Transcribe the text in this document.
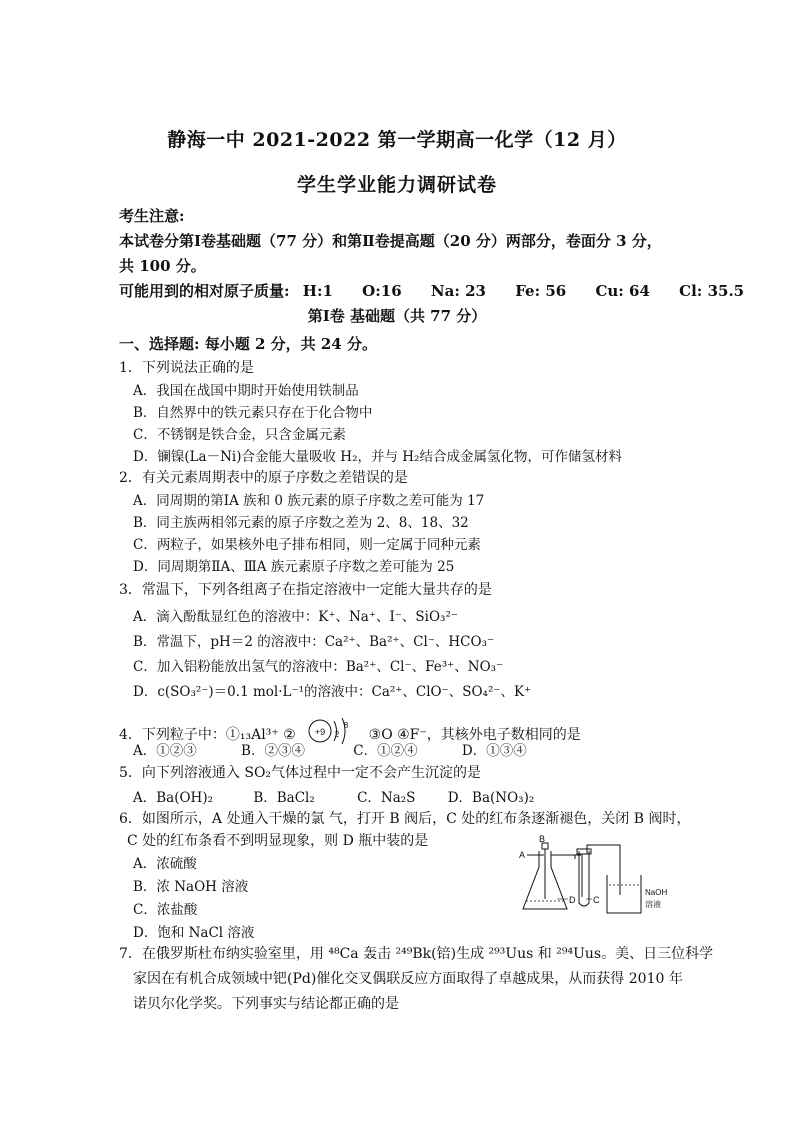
静海一中 2021-2022 第一学期高一化学（12 月）
学生学业能力调研试卷
考生注意:
本试卷分第Ⅰ卷基础题（77 分）和第Ⅱ卷提高题（20 分）两部分，卷面分 3 分，
共 100 分。
可能用到的相对原子质量: H:1 O:16 Na: 23 Fe: 56 Cu: 64 Cl: 35.5
第Ⅰ卷 基础题（共 77 分）
一、选择题: 每小题 2 分，共 24 分。
1．下列说法正确的是
A．我国在战国中期时开始使用铁制品
B．自然界中的铁元素只存在于化合物中
C．不锈钢是铁合金，只含金属元素
D．镧镍(La－Ni)合金能大量吸收 H₂，并与 H₂结合成金属氢化物，可作储氢材料
2．有关元素周期表中的原子序数之差错误的是
A．同周期的第ⅠA 族和 0 族元素的原子序数之差可能为 17
B．同主族两相邻元素的原子序数之差为 2、8、18、32
C．两粒子，如果核外电子排布相同，则一定属于同种元素
D．同周期第ⅡA、ⅢA 族元素原子序数之差可能为 25
3．常温下，下列各组离子在指定溶液中一定能大量共存的是
A．滴入酚酞显红色的溶液中：K⁺、Na⁺、I⁻、SiO₃²⁻
B．常温下，pH＝2 的溶液中：Ca²⁺、Ba²⁺、Cl⁻、HCO₃⁻
C．加入铝粉能放出氢气的溶液中：Ba²⁺、Cl⁻、Fe³⁺、NO₃⁻
D．c(SO₃²⁻)＝0.1 mol·L⁻¹的溶液中：Ca²⁺、ClO⁻、SO₄²⁻、K⁺
4．下列粒子中：①₁₃Al³⁺ ② +9 2
8
③O ④F⁻，其核外电子数相同的是
A．①②③	B．②③④	C．①②④	D．①③④
5．向下列溶液通入 SO₂气体过程中一定不会产生沉淀的是
A．Ba(OH)₂	B．BaCl₂	C．Na₂S D．Ba(NO₃)₂
6．如图所示，A 处通入干燥的氯 气，打开 B 阀后，C 处的红布条逐渐褪色，关闭 B 阀时，
C 处的红布条看不到明显现象，则 D 瓶中装的是
A．浓硫酸
B．浓 NaOH 溶液
C．浓盐酸
D．饱和 NaCl 溶液
A
B
D C
NaOH
溶液
7．在俄罗斯杜布纳实验室里，用 ⁴⁸Ca 轰击 ²⁴⁹Bk(锫)生成 ²⁹³Uus 和 ²⁹⁴Uus。美、日三位科学
家因在有机合成领域中钯(Pd)催化交叉偶联反应方面取得了卓越成果，从而获得 2010 年
诺贝尔化学奖。下列事实与结论都正确的是
